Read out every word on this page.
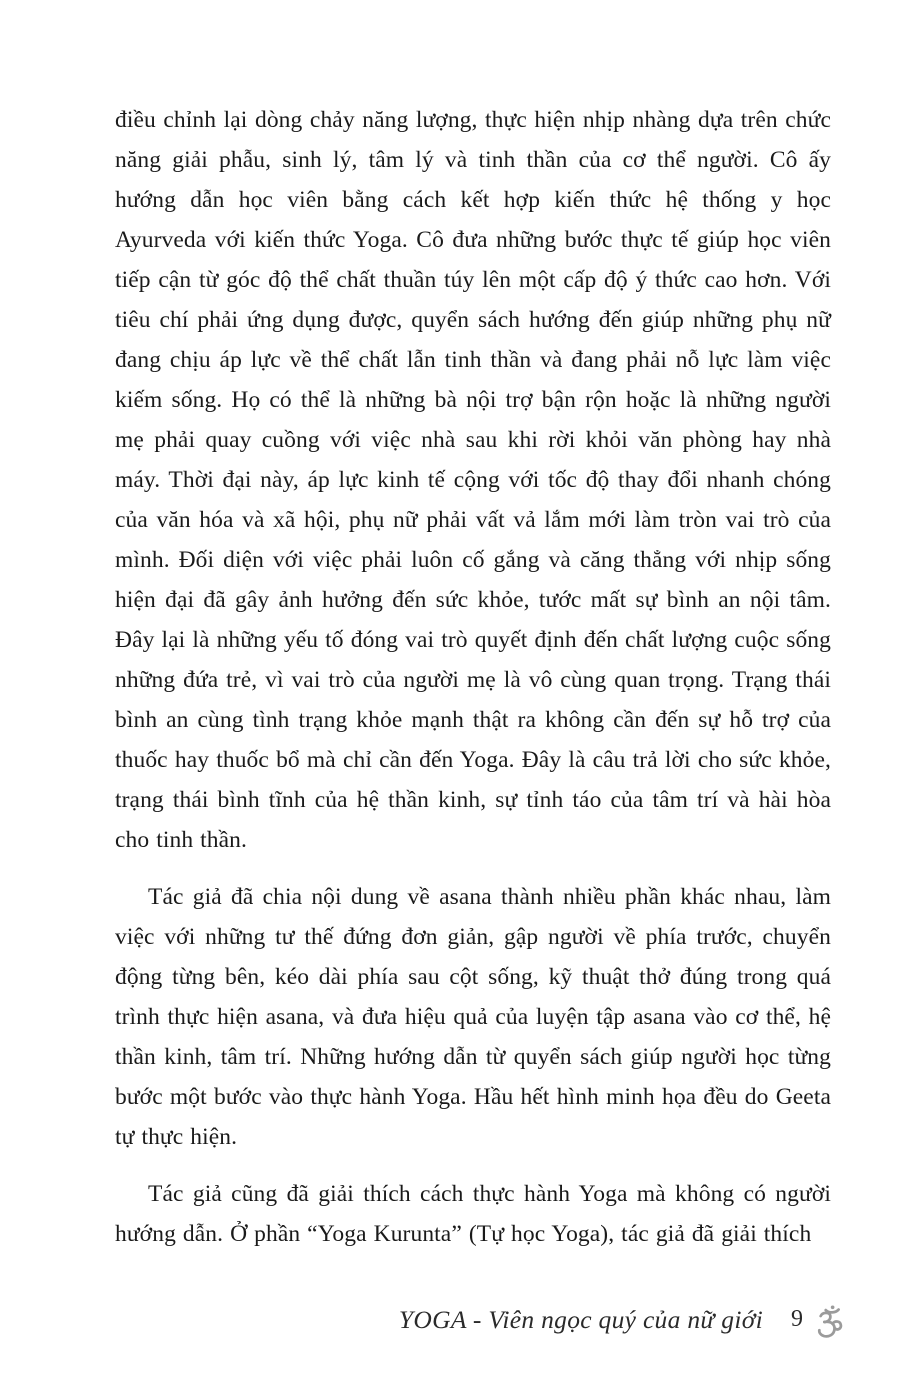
điều chỉnh lại dòng chảy năng lượng, thực hiện nhịp nhàng dựa trên chức năng giải phẫu, sinh lý, tâm lý và tinh thần của cơ thể người. Cô ấy hướng dẫn học viên bằng cách kết hợp kiến thức hệ thống y học Ayurveda với kiến thức Yoga. Cô đưa những bước thực tế giúp học viên tiếp cận từ góc độ thể chất thuần túy lên một cấp độ ý thức cao hơn. Với tiêu chí phải ứng dụng được, quyển sách hướng đến giúp những phụ nữ đang chịu áp lực về thể chất lẫn tinh thần và đang phải nỗ lực làm việc kiếm sống. Họ có thể là những bà nội trợ bận rộn hoặc là những người mẹ phải quay cuồng với việc nhà sau khi rời khỏi văn phòng hay nhà máy. Thời đại này, áp lực kinh tế cộng với tốc độ thay đổi nhanh chóng của văn hóa và xã hội, phụ nữ phải vất vả lắm mới làm tròn vai trò của mình. Đối diện với việc phải luôn cố gắng và căng thẳng với nhịp sống hiện đại đã gây ảnh hưởng đến sức khỏe, tước mất sự bình an nội tâm. Đây lại là những yếu tố đóng vai trò quyết định đến chất lượng cuộc sống những đứa trẻ, vì vai trò của người mẹ là vô cùng quan trọng. Trạng thái bình an cùng tình trạng khỏe mạnh thật ra không cần đến sự hỗ trợ của thuốc hay thuốc bổ mà chỉ cần đến Yoga. Đây là câu trả lời cho sức khỏe, trạng thái bình tĩnh của hệ thần kinh, sự tỉnh táo của tâm trí và hài hòa cho tinh thần.

Tác giả đã chia nội dung về asana thành nhiều phần khác nhau, làm việc với những tư thế đứng đơn giản, gập người về phía trước, chuyển động từng bên, kéo dài phía sau cột sống, kỹ thuật thở đúng trong quá trình thực hiện asana, và đưa hiệu quả của luyện tập asana vào cơ thể, hệ thần kinh, tâm trí. Những hướng dẫn từ quyển sách giúp người học từng bước một bước vào thực hành Yoga. Hầu hết hình minh họa đều do Geeta tự thực hiện.

Tác giả cũng đã giải thích cách thực hành Yoga mà không có người hướng dẫn. Ở phần “Yoga Kurunta” (Tự học Yoga), tác giả đã giải thích

YOGA - Viên ngọc quý của nữ giới 9
